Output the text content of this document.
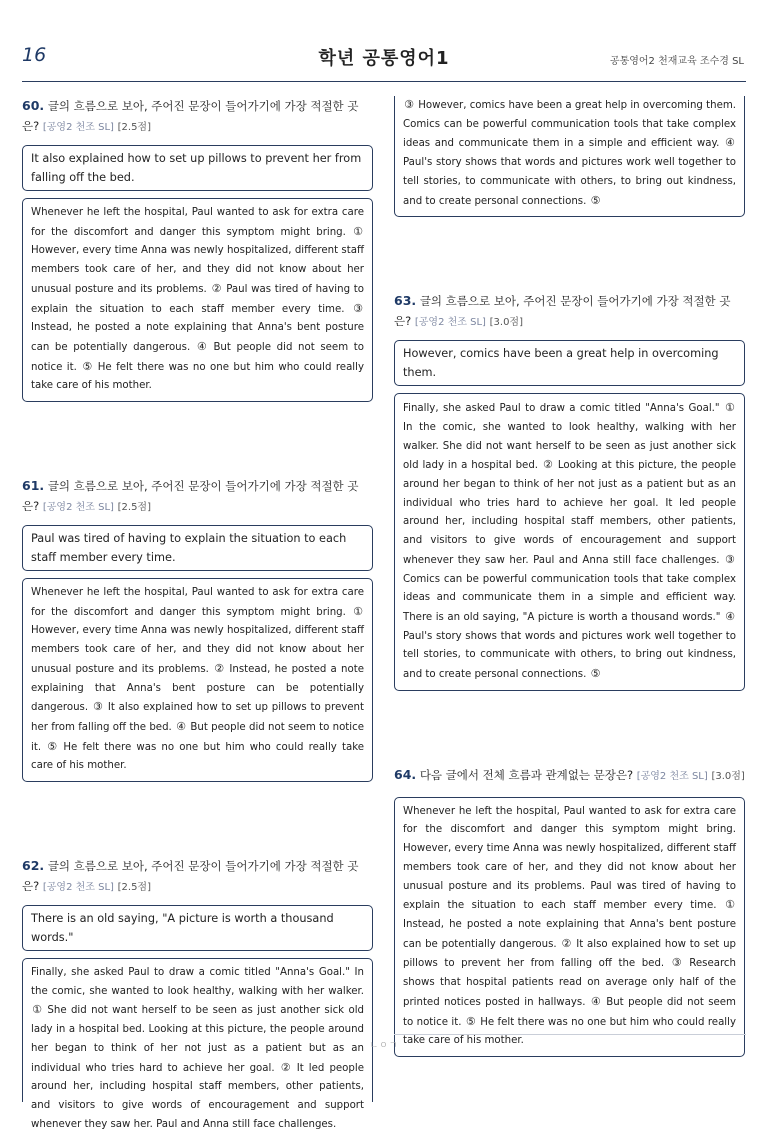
16	학년 공통영어1	공통영어2 천재교육 조수경 SL
60. 글의 흐름으로 보아, 주어진 문장이 들어가기에 가장 적절한 곳은? [공영2 천조 SL] [2.5점]
It also explained how to set up pillows to prevent her from falling off the bed.
Whenever he left the hospital, Paul wanted to ask for extra care for the discomfort and danger this symptom might bring. ① However, every time Anna was newly hospitalized, different staff members took care of her, and they did not know about her unusual posture and its problems. ② Paul was tired of having to explain the situation to each staff member every time. ③ Instead, he posted a note explaining that Anna's bent posture can be potentially dangerous. ④ But people did not seem to notice it. ⑤ He felt there was no one but him who could really take care of his mother.
61. 글의 흐름으로 보아, 주어진 문장이 들어가기에 가장 적절한 곳은? [공영2 천조 SL] [2.5점]
Paul was tired of having to explain the situation to each staff member every time.
Whenever he left the hospital, Paul wanted to ask for extra care for the discomfort and danger this symptom might bring. ① However, every time Anna was newly hospitalized, different staff members took care of her, and they did not know about her unusual posture and its problems. ② Instead, he posted a note explaining that Anna's bent posture can be potentially dangerous. ③ It also explained how to set up pillows to prevent her from falling off the bed. ④ But people did not seem to notice it. ⑤ He felt there was no one but him who could really take care of his mother.
62. 글의 흐름으로 보아, 주어진 문장이 들어가기에 가장 적절한 곳은? [공영2 천조 SL] [2.5점]
There is an old saying, "A picture is worth a thousand words."
Finally, she asked Paul to draw a comic titled "Anna's Goal." In the comic, she wanted to look healthy, walking with her walker. ① She did not want herself to be seen as just another sick old lady in a hospital bed. Looking at this picture, the people around her began to think of her not just as a patient but as an individual who tries hard to achieve her goal. ② It led people around her, including hospital staff members, other patients, and visitors to give words of encouragement and support whenever they saw her. Paul and Anna still face challenges.
③ However, comics have been a great help in overcoming them. Comics can be powerful communication tools that take complex ideas and communicate them in a simple and efficient way. ④ Paul's story shows that words and pictures work well together to tell stories, to communicate with others, to bring out kindness, and to create personal connections. ⑤
63. 글의 흐름으로 보아, 주어진 문장이 들어가기에 가장 적절한 곳은? [공영2 천조 SL] [3.0점]
However, comics have been a great help in overcoming them.
Finally, she asked Paul to draw a comic titled "Anna's Goal." ① In the comic, she wanted to look healthy, walking with her walker. She did not want herself to be seen as just another sick old lady in a hospital bed. ② Looking at this picture, the people around her began to think of her not just as a patient but as an individual who tries hard to achieve her goal. It led people around her, including hospital staff members, other patients, and visitors to give words of encouragement and support whenever they saw her. Paul and Anna still face challenges. ③ Comics can be powerful communication tools that take complex ideas and communicate them in a simple and efficient way. There is an old saying, "A picture is worth a thousand words." ④ Paul's story shows that words and pictures work well together to tell stories, to communicate with others, to bring out kindness, and to create personal connections. ⑤
64. 다음 글에서 전체 흐름과 관계없는 문장은? [공영2 천조 SL] [3.0점]
Whenever he left the hospital, Paul wanted to ask for extra care for the discomfort and danger this symptom might bring. However, every time Anna was newly hospitalized, different staff members took care of her, and they did not know about her unusual posture and its problems. Paul was tired of having to explain the situation to each staff member every time. ① Instead, he posted a note explaining that Anna's bent posture can be potentially dangerous. ② It also explained how to set up pillows to prevent her from falling off the bed. ③ Research shows that hospital patients read on average only half of the printed notices posted in hallways. ④ But people did not seem to notice it. ⑤ He felt there was no one but him who could really take care of his mother.
ㄴㅇㄱ
